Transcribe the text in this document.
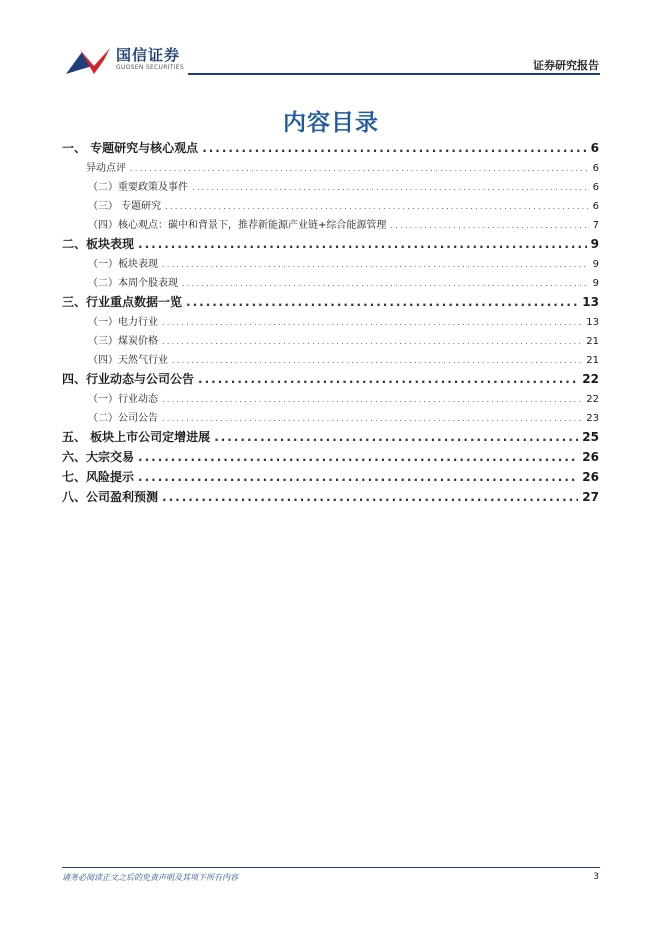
国信证券
GUOSEN SECURITIES	证券研究报告
内容目录
一、 专题研究与核心观点 .....	6
异动点评 .....	6
（二）重要政策及事件 .....	6
（三） 专题研究 .....	6
（四）核心观点：碳中和背景下，推荐新能源产业链+综合能源管理 .....	7
二、板块表现 .....	9
（一）板块表现 .....	9
（二）本周个股表现 .....	9
三、行业重点数据一览 .....	13
（一）电力行业 .....	13
（三）煤炭价格 .....	21
（四）天然气行业 .....	21
四、行业动态与公司公告 .....	22
（一）行业动态 .....	22
（二）公司公告 .....	23
五、 板块上市公司定增进展 .....	25
六、大宗交易 .....	26
七、风险提示 .....	26
八、公司盈利预测 .....	27
请务必阅读正文之后的免责声明及其项下所有内容	3
